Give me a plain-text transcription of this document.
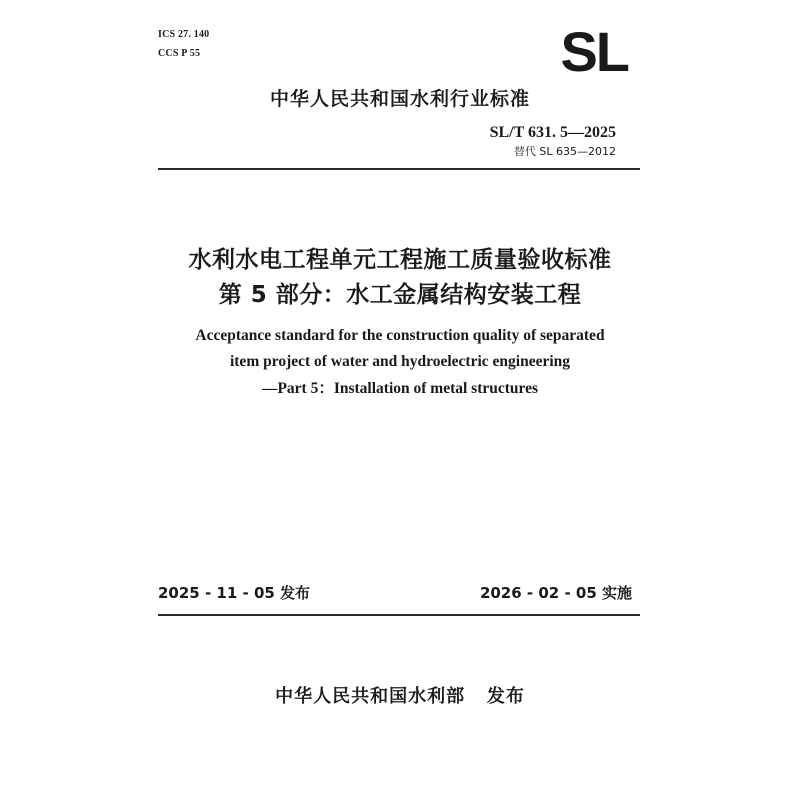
ICS 27. 140
CCS P 55	SL
中华人民共和国水利行业标准
SL/T 631. 5—2025
替代 SL 635—2012
水利水电工程单元工程施工质量验收标准
第 5 部分：水工金属结构安装工程
Acceptance standard for the construction quality of separated
item project of water and hydroelectric engineering
—Part 5：Installation of metal structures
2025 - 11 - 05 发布	2026 - 02 - 05 实施
中华人民共和国水利部   发布
